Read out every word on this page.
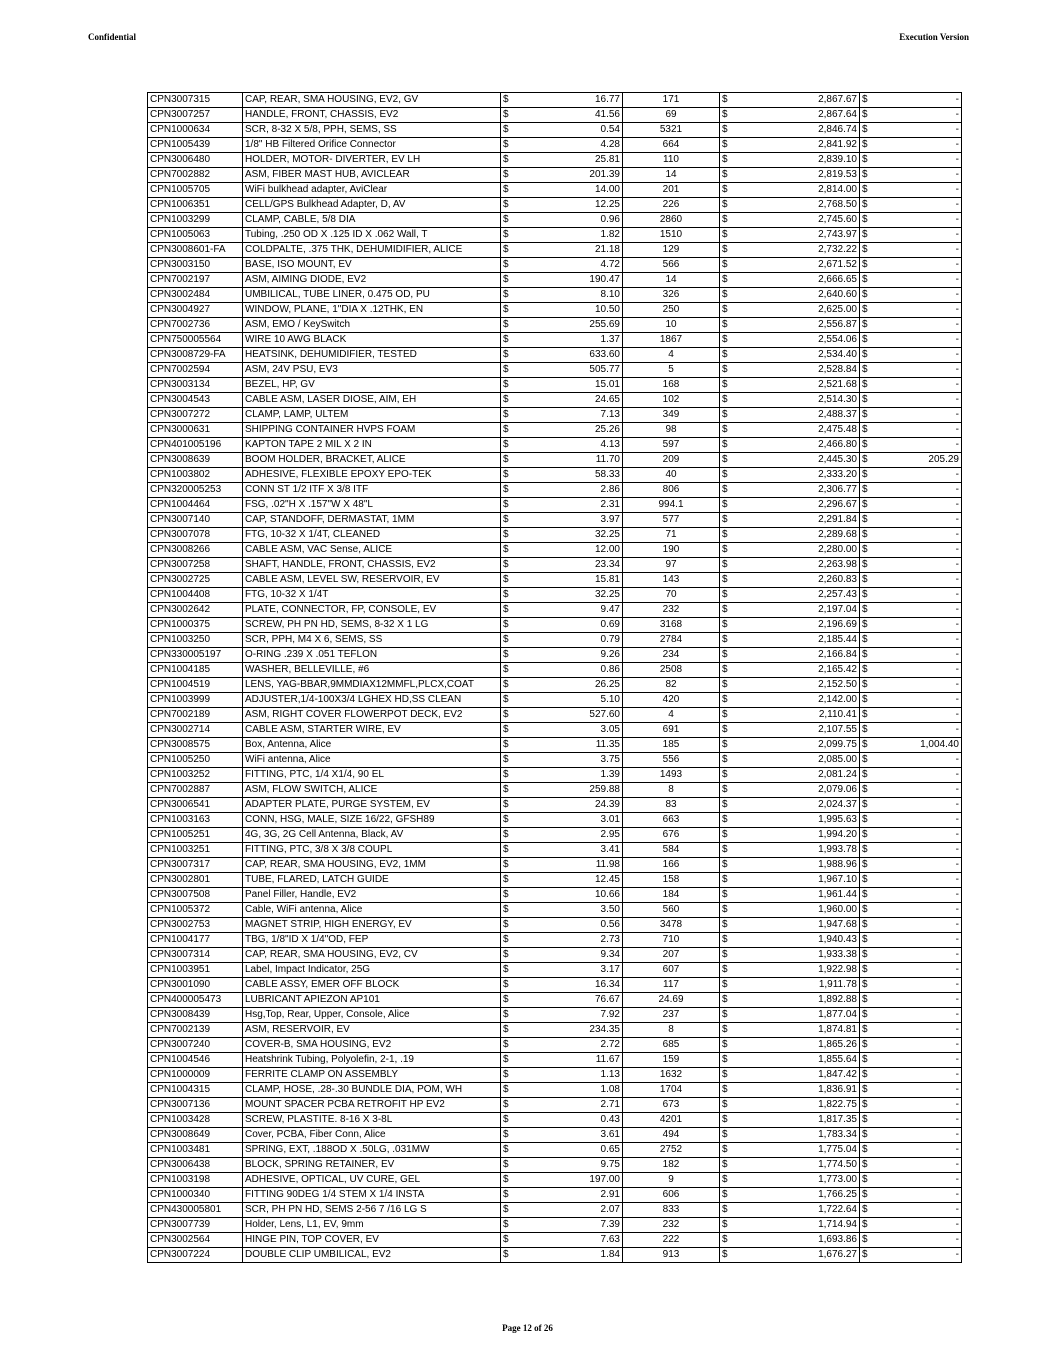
Confidential	Execution Version
CPN3007315	CAP, REAR, SMA HOUSING, EV2, GV	$	16.77	171	$	2,867.67	$	-
CPN3007257	HANDLE, FRONT, CHASSIS, EV2	$	41.56	69	$	2,867.64	$	-
CPN1000634	SCR, 8-32 X 5/8, PPH, SEMS, SS	$	0.54	5321	$	2,846.74	$	-
CPN1005439	1/8" HB Filtered Orifice Connector	$	4.28	664	$	2,841.92	$	-
CPN3006480	HOLDER, MOTOR- DIVERTER, EV LH	$	25.81	110	$	2,839.10	$	-
CPN7002882	ASM, FIBER MAST HUB, AVICLEAR	$	201.39	14	$	2,819.53	$	-
CPN1005705	WiFi bulkhead adapter, AviClear	$	14.00	201	$	2,814.00	$	-
CPN1006351	CELL/GPS Bulkhead Adapter, D, AV	$	12.25	226	$	2,768.50	$	-
CPN1003299	CLAMP, CABLE, 5/8 DIA	$	0.96	2860	$	2,745.60	$	-
CPN1005063	Tubing, .250 OD X .125 ID X .062 Wall, T	$	1.82	1510	$	2,743.97	$	-
CPN3008601-FA	COLDPALTE, .375 THK, DEHUMIDIFIER, ALICE	$	21.18	129	$	2,732.22	$	-
CPN3003150	BASE, ISO MOUNT, EV	$	4.72	566	$	2,671.52	$	-
CPN7002197	ASM, AIMING DIODE, EV2	$	190.47	14	$	2,666.65	$	-
CPN3002484	UMBILICAL, TUBE LINER, 0.475 OD, PU	$	8.10	326	$	2,640.60	$	-
CPN3004927	WINDOW, PLANE, 1"DIA X .12THK, EN	$	10.50	250	$	2,625.00	$	-
CPN7002736	ASM, EMO / KeySwitch	$	255.69	10	$	2,556.87	$	-
CPN750005564	WIRE 10 AWG BLACK	$	1.37	1867	$	2,554.06	$	-
CPN3008729-FA	HEATSINK, DEHUMIDIFIER, TESTED	$	633.60	4	$	2,534.40	$	-
CPN7002594	ASM, 24V PSU, EV3	$	505.77	5	$	2,528.84	$	-
CPN3003134	BEZEL, HP, GV	$	15.01	168	$	2,521.68	$	-
CPN3004543	CABLE ASM, LASER DIOSE, AIM, EH	$	24.65	102	$	2,514.30	$	-
CPN3007272	CLAMP, LAMP, ULTEM	$	7.13	349	$	2,488.37	$	-
CPN3000631	SHIPPING CONTAINER HVPS FOAM	$	25.26	98	$	2,475.48	$	-
CPN401005196	KAPTON TAPE 2 MIL X 2 IN	$	4.13	597	$	2,466.80	$	-
CPN3008639	BOOM HOLDER, BRACKET, ALICE	$	11.70	209	$	2,445.30	$	205.29
CPN1003802	ADHESIVE, FLEXIBLE EPOXY EPO-TEK	$	58.33	40	$	2,333.20	$	-
CPN320005253	CONN ST 1/2 ITF X 3/8 ITF	$	2.86	806	$	2,306.77	$	-
CPN1004464	FSG, .02"H X .157"W X 48"L	$	2.31	994.1	$	2,296.67	$	-
CPN3007140	CAP, STANDOFF, DERMASTAT, 1MM	$	3.97	577	$	2,291.84	$	-
CPN3007078	FTG, 10-32 X 1/4T, CLEANED	$	32.25	71	$	2,289.68	$	-
CPN3008266	CABLE ASM, VAC Sense, ALICE	$	12.00	190	$	2,280.00	$	-
CPN3007258	SHAFT, HANDLE, FRONT, CHASSIS, EV2	$	23.34	97	$	2,263.98	$	-
CPN3002725	CABLE ASM, LEVEL SW, RESERVOIR, EV	$	15.81	143	$	2,260.83	$	-
CPN1004408	FTG, 10-32 X 1/4T	$	32.25	70	$	2,257.43	$	-
CPN3002642	PLATE, CONNECTOR, FP, CONSOLE, EV	$	9.47	232	$	2,197.04	$	-
CPN1000375	SCREW, PH PN HD, SEMS, 8-32 X 1 LG	$	0.69	3168	$	2,196.69	$	-
CPN1003250	SCR, PPH, M4 X 6, SEMS, SS	$	0.79	2784	$	2,185.44	$	-
CPN330005197	O-RING .239 X .051 TEFLON	$	9.26	234	$	2,166.84	$	-
CPN1004185	WASHER, BELLEVILLE, #6	$	0.86	2508	$	2,165.42	$	-
CPN1004519	LENS, YAG-BBAR,9MMDIAX12MMFL,PLCX,COAT	$	26.25	82	$	2,152.50	$	-
CPN1003999	ADJUSTER,1/4-100X3/4 LGHEX HD,SS CLEAN	$	5.10	420	$	2,142.00	$	-
CPN7002189	ASM, RIGHT COVER FLOWERPOT DECK, EV2	$	527.60	4	$	2,110.41	$	-
CPN3002714	CABLE ASM, STARTER WIRE, EV	$	3.05	691	$	2,107.55	$	-
CPN3008575	Box, Antenna, Alice	$	11.35	185	$	2,099.75	$	1,004.40
CPN1005250	WiFi antenna, Alice	$	3.75	556	$	2,085.00	$	-
CPN1003252	FITTING, PTC, 1/4 X1/4, 90 EL	$	1.39	1493	$	2,081.24	$	-
CPN7002887	ASM, FLOW SWITCH, ALICE	$	259.88	8	$	2,079.06	$	-
CPN3006541	ADAPTER PLATE, PURGE SYSTEM, EV	$	24.39	83	$	2,024.37	$	-
CPN1003163	CONN, HSG, MALE, SIZE 16/22, GFSH89	$	3.01	663	$	1,995.63	$	-
CPN1005251	4G, 3G, 2G Cell Antenna, Black, AV	$	2.95	676	$	1,994.20	$	-
CPN1003251	FITTING, PTC, 3/8 X 3/8 COUPL	$	3.41	584	$	1,993.78	$	-
CPN3007317	CAP, REAR, SMA HOUSING, EV2, 1MM	$	11.98	166	$	1,988.96	$	-
CPN3002801	TUBE, FLARED, LATCH GUIDE	$	12.45	158	$	1,967.10	$	-
CPN3007508	Panel Filler, Handle, EV2	$	10.66	184	$	1,961.44	$	-
CPN1005372	Cable, WiFi antenna, Alice	$	3.50	560	$	1,960.00	$	-
CPN3002753	MAGNET STRIP, HIGH ENERGY, EV	$	0.56	3478	$	1,947.68	$	-
CPN1004177	TBG, 1/8"ID X 1/4"OD, FEP	$	2.73	710	$	1,940.43	$	-
CPN3007314	CAP, REAR, SMA HOUSING, EV2, CV	$	9.34	207	$	1,933.38	$	-
CPN1003951	Label, Impact Indicator, 25G	$	3.17	607	$	1,922.98	$	-
CPN3001090	CABLE ASSY, EMER OFF BLOCK	$	16.34	117	$	1,911.78	$	-
CPN400005473	LUBRICANT APIEZON AP101	$	76.67	24.69	$	1,892.88	$	-
CPN3008439	Hsg,Top, Rear, Upper, Console, Alice	$	7.92	237	$	1,877.04	$	-
CPN7002139	ASM, RESERVOIR, EV	$	234.35	8	$	1,874.81	$	-
CPN3007240	COVER-B, SMA HOUSING, EV2	$	2.72	685	$	1,865.26	$	-
CPN1004546	Heatshrink Tubing, Polyolefin, 2-1, .19	$	11.67	159	$	1,855.64	$	-
CPN1000009	FERRITE CLAMP ON ASSEMBLY	$	1.13	1632	$	1,847.42	$	-
CPN1004315	CLAMP, HOSE, .28-.30 BUNDLE DIA, POM, WH	$	1.08	1704	$	1,836.91	$	-
CPN3007136	MOUNT SPACER PCBA RETROFIT HP EV2	$	2.71	673	$	1,822.75	$	-
CPN1003428	SCREW, PLASTITE. 8-16 X 3-8L	$	0.43	4201	$	1,817.35	$	-
CPN3008649	Cover, PCBA, Fiber Conn, Alice	$	3.61	494	$	1,783.34	$	-
CPN1003481	SPRING, EXT, .188OD X .50LG, .031MW	$	0.65	2752	$	1,775.04	$	-
CPN3006438	BLOCK, SPRING RETAINER, EV	$	9.75	182	$	1,774.50	$	-
CPN1003198	ADHESIVE, OPTICAL, UV CURE, GEL	$	197.00	9	$	1,773.00	$	-
CPN1000340	FITTING 90DEG 1/4 STEM X 1/4 INSTA	$	2.91	606	$	1,766.25	$	-
CPN430005801	SCR, PH PN HD, SEMS 2-56 7 /16 LG S	$	2.07	833	$	1,722.64	$	-
CPN3007739	Holder, Lens, L1, EV, 9mm	$	7.39	232	$	1,714.94	$	-
CPN3002564	HINGE PIN, TOP COVER, EV	$	7.63	222	$	1,693.86	$	-
CPN3007224	DOUBLE CLIP UMBILICAL, EV2	$	1.84	913	$	1,676.27	$	-
Page 12 of 26
